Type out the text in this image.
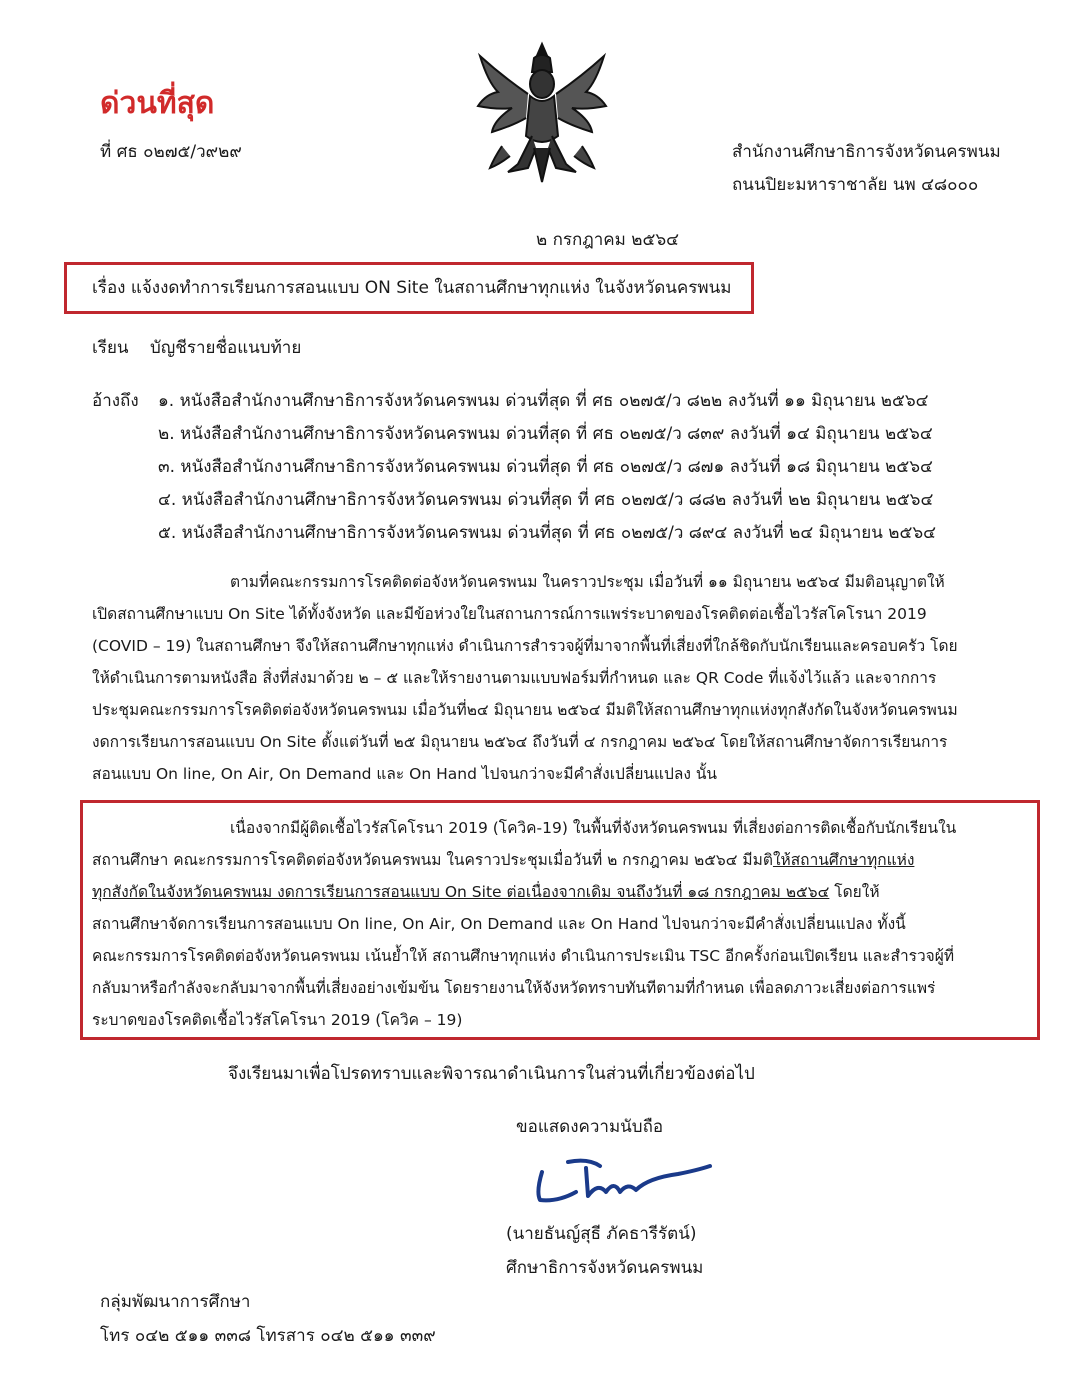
ด่วนที่สุด
ที่ ศธ ๐๒๗๕/ว๙๒๙	สำนักงานศึกษาธิการจังหวัดนครพนม
ถนนปิยะมหาราชาลัย นพ ๔๘๐๐๐
๒ กรกฎาคม ๒๕๖๔
เรื่อง แจ้งงดทำการเรียนการสอนแบบ ON Site ในสถานศึกษาทุกแห่ง ในจังหวัดนครพนม
เรียน บัญชีรายชื่อแนบท้าย
อ้างถึง ๑. หนังสือสำนักงานศึกษาธิการจังหวัดนครพนม ด่วนที่สุด ที่ ศธ ๐๒๗๕/ว ๘๒๒ ลงวันที่ ๑๑ มิถุนายน ๒๕๖๔
๒. หนังสือสำนักงานศึกษาธิการจังหวัดนครพนม ด่วนที่สุด ที่ ศธ ๐๒๗๕/ว ๘๓๙ ลงวันที่ ๑๔ มิถุนายน ๒๕๖๔
๓. หนังสือสำนักงานศึกษาธิการจังหวัดนครพนม ด่วนที่สุด ที่ ศธ ๐๒๗๕/ว ๘๗๑ ลงวันที่ ๑๘ มิถุนายน ๒๕๖๔
๔. หนังสือสำนักงานศึกษาธิการจังหวัดนครพนม ด่วนที่สุด ที่ ศธ ๐๒๗๕/ว ๘๘๒ ลงวันที่ ๒๒ มิถุนายน ๒๕๖๔
๕. หนังสือสำนักงานศึกษาธิการจังหวัดนครพนม ด่วนที่สุด ที่ ศธ ๐๒๗๕/ว ๘๙๔ ลงวันที่ ๒๔ มิถุนายน ๒๕๖๔
ตามที่คณะกรรมการโรคติดต่อจังหวัดนครพนม ในคราวประชุม เมื่อวันที่ ๑๑ มิถุนายน ๒๕๖๔ มีมติอนุญาตให้
เปิดสถานศึกษาแบบ On Site ได้ทั้งจังหวัด และมีข้อห่วงใยในสถานการณ์การแพร่ระบาดของโรคติดต่อเชื้อไวรัสโคโรนา 2019
(COVID – 19) ในสถานศึกษา จึงให้สถานศึกษาทุกแห่ง ดำเนินการสำรวจผู้ที่มาจากพื้นที่เสี่ยงที่ใกล้ชิดกับนักเรียนและครอบครัว โดย
ให้ดำเนินการตามหนังสือ สิ่งที่ส่งมาด้วย ๒ – ๕ และให้รายงานตามแบบฟอร์มที่กำหนด และ QR Code ที่แจ้งไว้แล้ว และจากการ
ประชุมคณะกรรมการโรคติดต่อจังหวัดนครพนม เมื่อวันที่๒๔ มิถุนายน ๒๕๖๔ มีมติให้สถานศึกษาทุกแห่งทุกสังกัดในจังหวัดนครพนม
งดการเรียนการสอนแบบ On Site ตั้งแต่วันที่ ๒๕ มิถุนายน ๒๕๖๔ ถึงวันที่ ๔ กรกฎาคม ๒๕๖๔ โดยให้สถานศึกษาจัดการเรียนการ
สอนแบบ On line, On Air, On Demand และ On Hand ไปจนกว่าจะมีคำสั่งเปลี่ยนแปลง นั้น
เนื่องจากมีผู้ติดเชื้อไวรัสโคโรนา 2019 (โควิค-19) ในพื้นที่จังหวัดนครพนม ที่เสี่ยงต่อการติดเชื้อกับนักเรียนใน
สถานศึกษา คณะกรรมการโรคติดต่อจังหวัดนครพนม ในคราวประชุมเมื่อวันที่ ๒ กรกฎาคม ๒๕๖๔ มีมติให้สถานศึกษาทุกแห่ง
ทุกสังกัดในจังหวัดนครพนม งดการเรียนการสอนแบบ On Site ต่อเนื่องจากเดิม จนถึงวันที่ ๑๘ กรกฎาคม ๒๕๖๔ โดยให้
สถานศึกษาจัดการเรียนการสอนแบบ On line, On Air, On Demand และ On Hand ไปจนกว่าจะมีคำสั่งเปลี่ยนแปลง ทั้งนี้
คณะกรรมการโรคติดต่อจังหวัดนครพนม เน้นย้ำให้ สถานศึกษาทุกแห่ง ดำเนินการประเมิน TSC อีกครั้งก่อนเปิดเรียน และสำรวจผู้ที่
กลับมาหรือกำลังจะกลับมาจากพื้นที่เสี่ยงอย่างเข้มข้น โดยรายงานให้จังหวัดทราบทันทีตามที่กำหนด เพื่อลดภาวะเสี่ยงต่อการแพร่
ระบาดของโรคติดเชื้อไวรัสโคโรนา 2019 (โควิค – 19)
จึงเรียนมาเพื่อโปรดทราบและพิจารณาดำเนินการในส่วนที่เกี่ยวข้องต่อไป
ขอแสดงความนับถือ
(นายธันญ์สุธี ภัคธารีรัตน์)
ศึกษาธิการจังหวัดนครพนม
กลุ่มพัฒนาการศึกษา
โทร ๐๔๒ ๕๑๑ ๓๓๘ โทรสาร ๐๔๒ ๕๑๑ ๓๓๙
